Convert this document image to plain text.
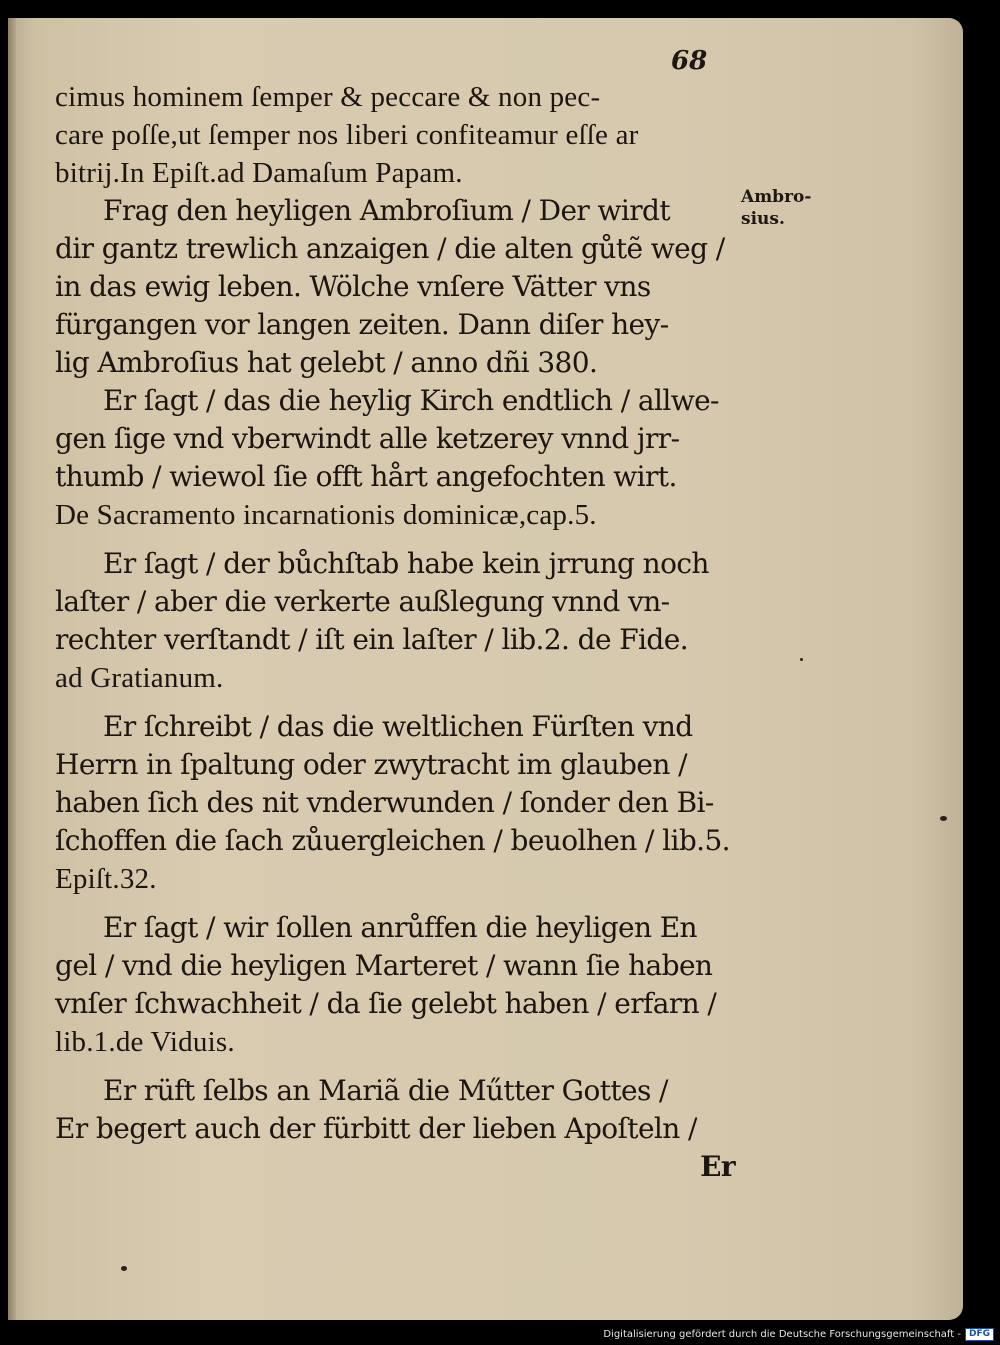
68
Ambro-
sius.
cimus hominem ſemper & peccare & non pec-
care poſſe,ut ſemper nos liberi confiteamur eſſe ar
bitrij.In Epiſt.ad Damaſum Papam.
Frag den heyligen Ambroſium / Der wirdt
dir gantz trewlich anzaigen / die alten gůtẽ weg /
in das ewig leben. Wölche vnſere Vätter vns
fürgangen vor langen zeiten. Dann diſer hey-
lig Ambroſius hat gelebt / anno dñi 380.
Er ſagt / das die heylig Kirch endtlich / allwe-
gen ſige vnd vberwindt alle ketzerey vnnd jrr-
thumb / wiewol ſie offt hårt angefochten wirt.
De Sacramento incarnationis dominicæ,cap.5.
Er ſagt / der bůchſtab habe kein jrrung noch
laſter / aber die verkerte außlegung vnnd vn-
rechter verſtandt / iſt ein laſter / lib.2. de Fide.
ad Gratianum.
Er ſchreibt / das die weltlichen Fürſten vnd
Herrn in ſpaltung oder zwytracht im glauben /
haben ſich des nit vnderwunden / ſonder den Bi-
ſchoffen die ſach zůuergleichen / beuolhen / lib.5.
Epiſt.32.
Er ſagt / wir ſollen anrůffen die heyligen En
gel / vnd die heyligen Marteret / wann ſie haben
vnſer ſchwachheit / da ſie gelebt haben / erfarn /
lib.1.de Viduis.
Er rüft ſelbs an Mariã die Műtter Gottes /
Er begert auch der fürbitt der lieben Apoſteln /
Er
Digitalisierung gefördert durch die Deutsche Forschungsgemeinschaft - DFG
